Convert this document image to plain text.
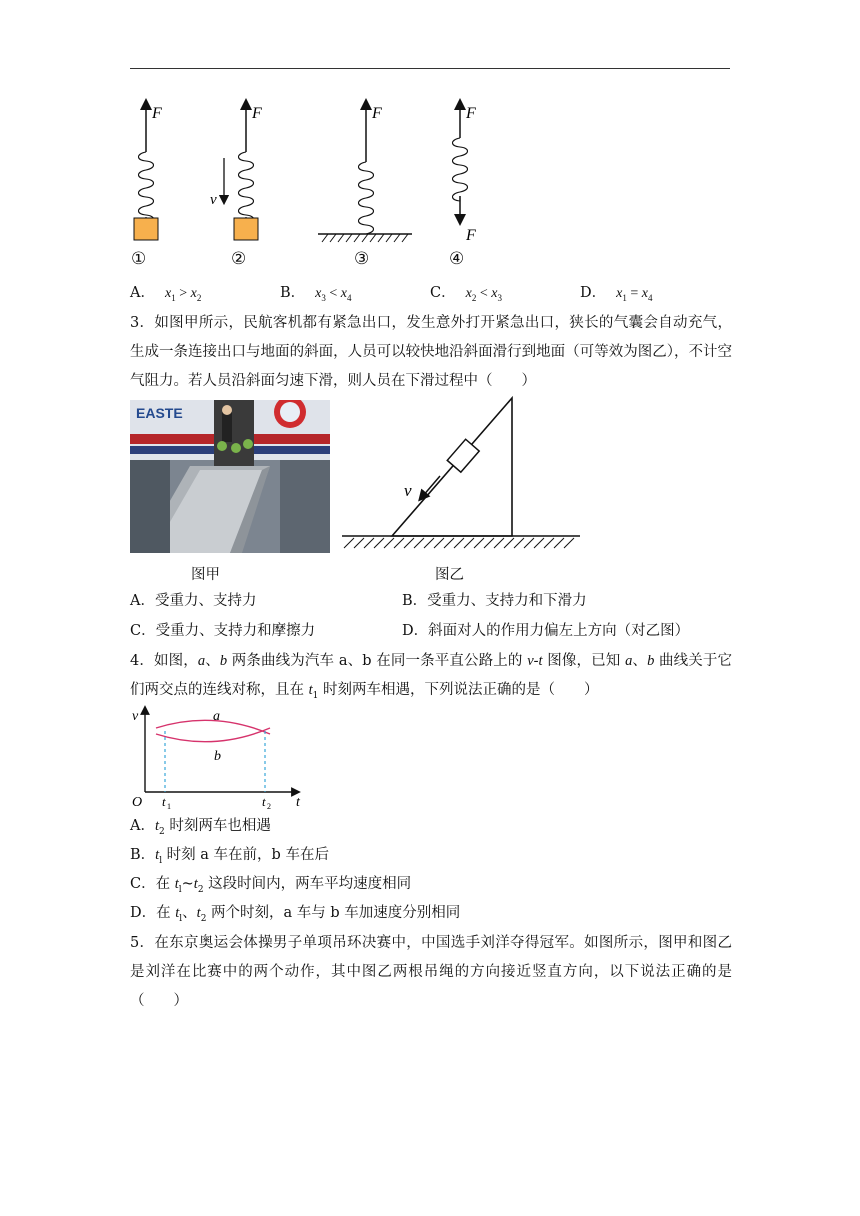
F
v
F	F	F
F
①	②	③	④
A． $x_1 > x_2$	B． $x_3 < x_4$	C． $x_2 < x_3$	D． $x_1 = x_4$
3．如图甲所示，民航客机都有紧急出口，发生意外打开紧急出口，狭长的气囊会自动充气，生成一条连接出口与地面的斜面，人员可以较快地沿斜面滑行到地面（可等效为图乙），不计空气阻力。若人员沿斜面匀速下滑，则人员在下滑过程中（　　）
EASTE
v
图甲	图乙
A．受重力、支持力	B．受重力、支持力和下滑力
C．受重力、支持力和摩擦力	D．斜面对人的作用力偏左上方向（对乙图）
4．如图，a、b 两条曲线为汽车 a、b 在同一条平直公路上的 v-t 图像，已知 a、b 曲线关于它们两交点的连线对称，且在 $t_1$ 时刻两车相遇，下列说法正确的是（　　）
v
O	t
a
b
t 1	t 2
A．$t_2$ 时刻两车也相遇
B．$t_l$ 时刻 a 车在前，b 车在后
C．在 $t_l\sim t_2$ 这段时间内，两车平均速度相同
D．在 $t_l$、$t_2$ 两个时刻，a 车与 b 车加速度分别相同
5．在东京奥运会体操男子单项吊环决赛中，中国选手刘洋夺得冠军。如图所示，图甲和图乙是刘洋在比赛中的两个动作，其中图乙两根吊绳的方向接近竖直方向，以下说法正确的是（　　）
